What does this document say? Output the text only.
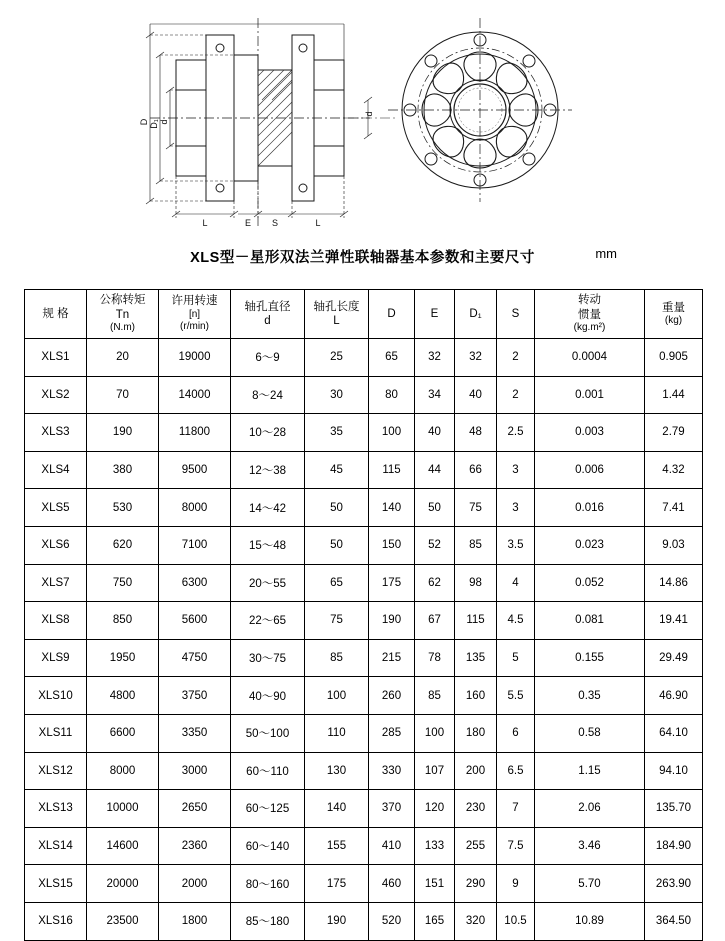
D D₁ d
d
L	E S	L
XLS型－星形双法兰弹性联轴器基本参数和主要尺寸	mm
规 格	公称转矩
Tn
(N.m)	许用转速
[n]
(r/min)	轴孔直径
d	轴孔长度
L	D	E	D₁	S	转动
惯量
(kg.m²)	重量
(kg)

XLS1	20	19000	6～9	25	65	32	32	2	0.0004	0.905
XLS2	70	14000	8～24	30	80	34	40	2	0.001	1.44
XLS3	190	11800	10～28	35	100	40	48	2.5	0.003	2.79
XLS4	380	9500	12～38	45	115	44	66	3	0.006	4.32
XLS5	530	8000	14～42	50	140	50	75	3	0.016	7.41
XLS6	620	7100	15～48	50	150	52	85	3.5	0.023	9.03
XLS7	750	6300	20～55	65	175	62	98	4	0.052	14.86
XLS8	850	5600	22～65	75	190	67	115	4.5	0.081	19.41
XLS9	1950	4750	30～75	85	215	78	135	5	0.155	29.49
XLS10	4800	3750	40～90	100	260	85	160	5.5	0.35	46.90
XLS11	6600	3350	50～100	110	285	100	180	6	0.58	64.10
XLS12	8000	3000	60～110	130	330	107	200	6.5	1.15	94.10
XLS13	10000	2650	60～125	140	370	120	230	7	2.06	135.70
XLS14	14600	2360	60～140	155	410	133	255	7.5	3.46	184.90
XLS15	20000	2000	80～160	175	460	151	290	9	5.70	263.90
XLS16	23500	1800	85～180	190	520	165	320	10.5	10.89	364.50
